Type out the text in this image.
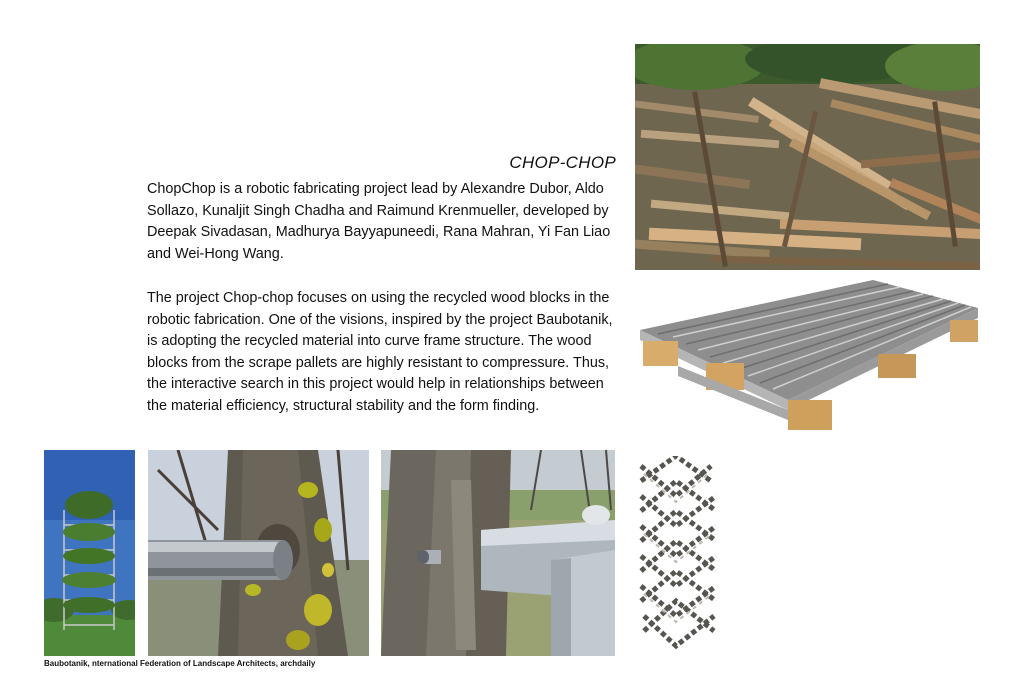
CHOP-CHOP

ChopChop is a robotic fabricating project lead by Alexandre Dubor, Aldo Sollazo, Kunaljit Singh Chadha and Raimund Krenmueller, developed by Deepak Sivadasan, Madhurya Bayyapuneedi, Rana Mahran, Yi Fan Liao and Wei-Hong Wang.

The project Chop-chop focuses on using the recycled wood blocks in the robotic fabrication. One of the visions, inspired by the project Baubotanik, is adopting the recycled material into curve frame structure. The wood blocks from the scrape pallets are highly resistant to compressure. Thus, the interactive search in this project would help in relationships between the material efficiency, structural stability and the form finding.

Baubotanik, nternational Federation of Landscape Architects, archdaily
